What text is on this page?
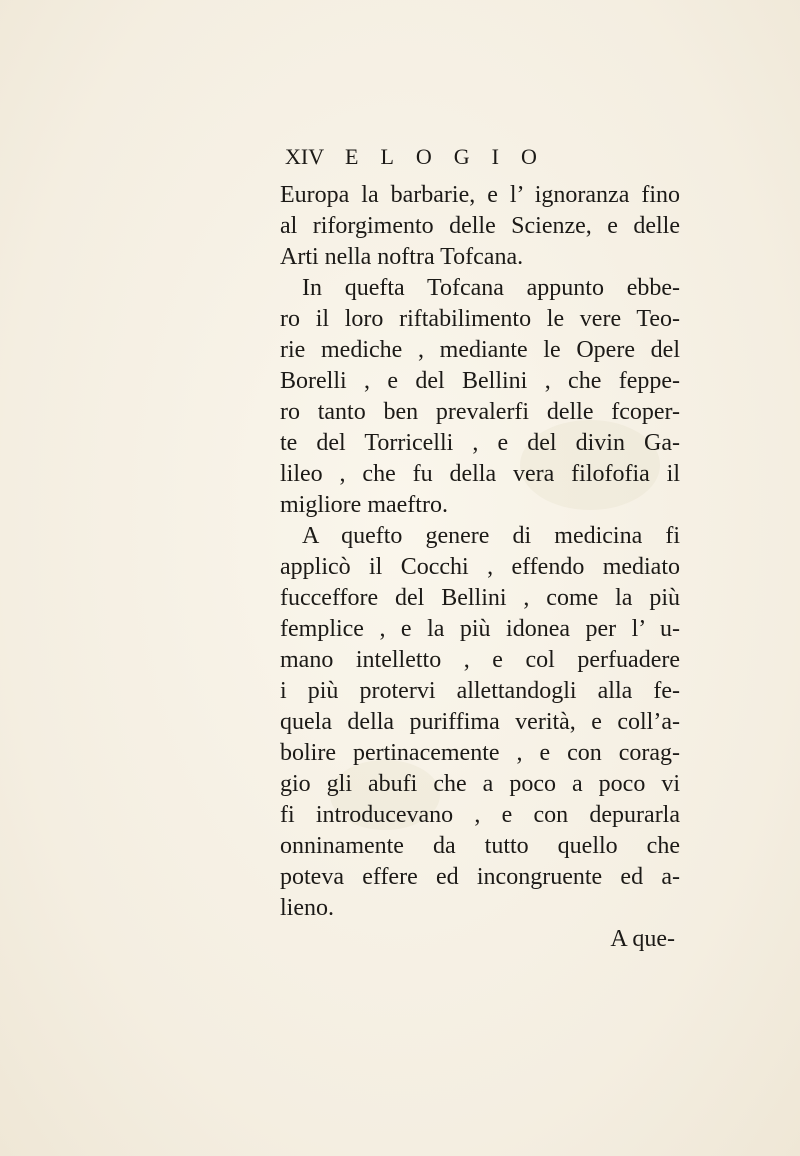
XIV ELOGIO
Europa la barbarie, e l’ ignoranza fino
al riforgimento delle Scienze, e delle
Arti nella noftra Tofcana.
In quefta Tofcana appunto ebbe-
ro il loro riftabilimento le vere Teo-
rie mediche , mediante le Opere del
Borelli , e del Bellini , che feppe-
ro tanto ben prevalerfi delle fcoper-
te del Torricelli , e del divin Ga-
lileo , che fu della vera filofofia il
migliore maeftro.
A quefto genere di medicina fi
applicò il Cocchi , effendo mediato
fucceffore del Bellini , come la più
femplice , e la più idonea per l’ u-
mano intelletto , e col perfuadere
i più protervi allettandogli alla fe-
quela della puriffima verità, e coll’a-
bolire pertinacemente , e con corag-
gio gli abufi che a poco a poco vi
fi introducevano , e con depurarla
onninamente da tutto quello che
poteva effere ed incongruente ed a-
lieno.
A que-
